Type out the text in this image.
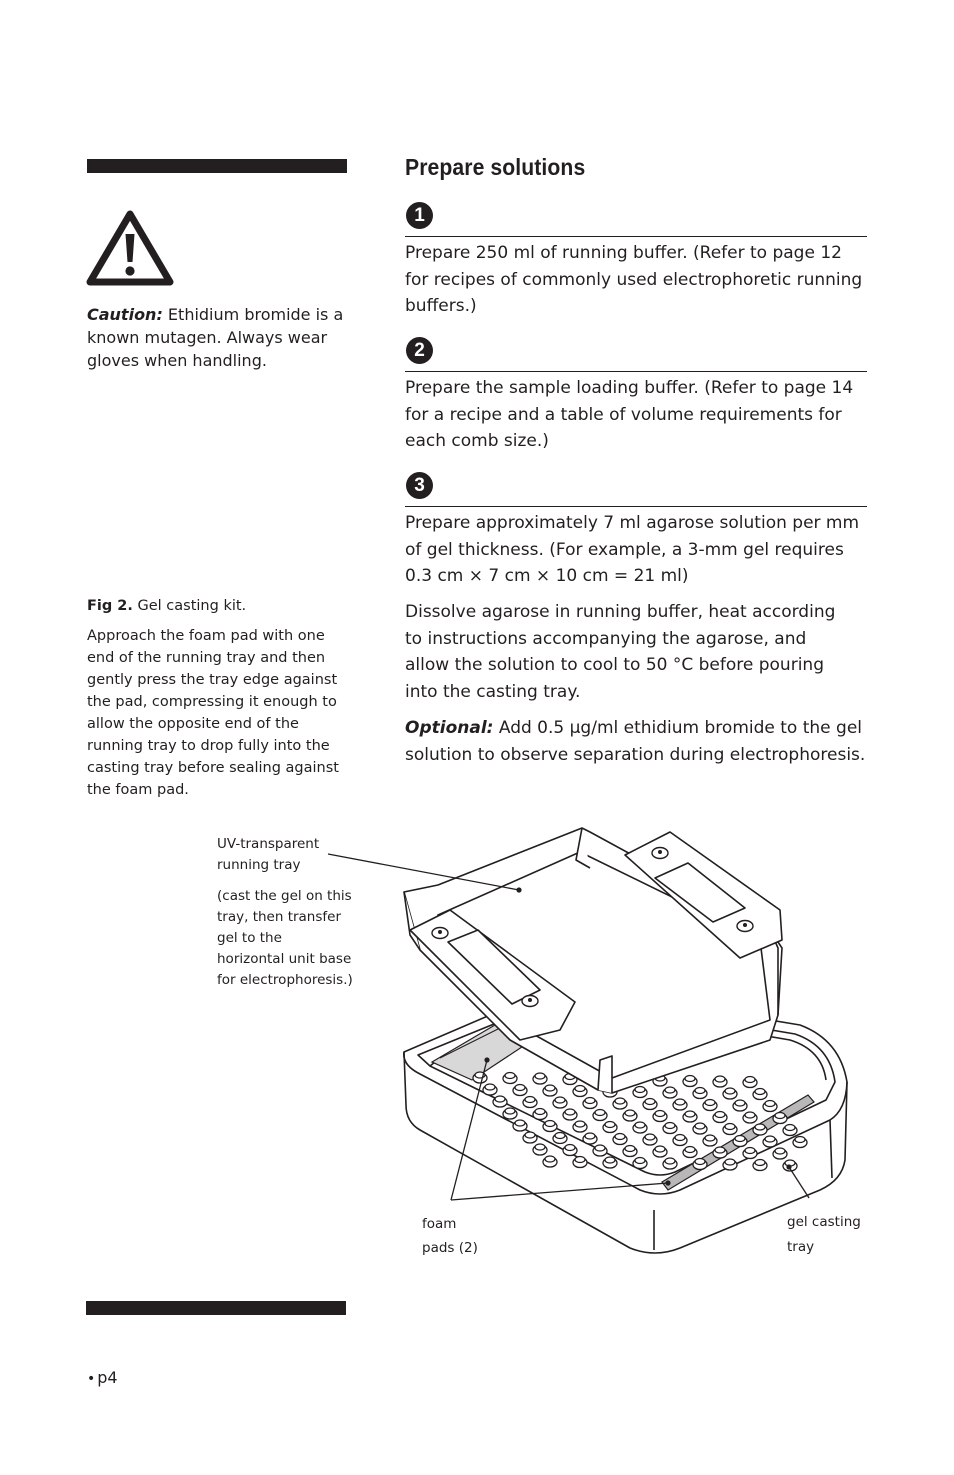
Caution: Ethidium bromide is a known mutagen. Always wear gloves when handling.
Prepare solutions
1
Prepare 250 ml of running buffer. (Refer to page 12 for recipes of commonly used electrophoretic running buffers.)
2
Prepare the sample loading buffer. (Refer to page 14 for a recipe and a table of volume requirements for each comb size.)
3
Prepare approximately 7 ml agarose solution per mm of gel thickness. (For example, a 3-mm gel requires 0.3 cm × 7 cm × 10 cm = 21 ml)
Dissolve agarose in running buffer, heat according to instructions accompanying the agarose, and allow the solution to cool to 50 °C before pouring into the casting tray.
Optional: Add 0.5 μg/ml ethidium bromide to the gel solution to observe separation during electrophoresis.
Fig 2. Gel casting kit.
Approach the foam pad with one end of the running tray and then gently press the tray edge against the pad, compressing it enough to allow the opposite end of the running tray to drop fully into the casting tray before sealing against the foam pad.
UV-transparent
running tray
(cast the gel on this tray, then transfer gel to the horizontal unit base for electrophoresis.)
foam
pads (2)
gel casting
tray
• p4
